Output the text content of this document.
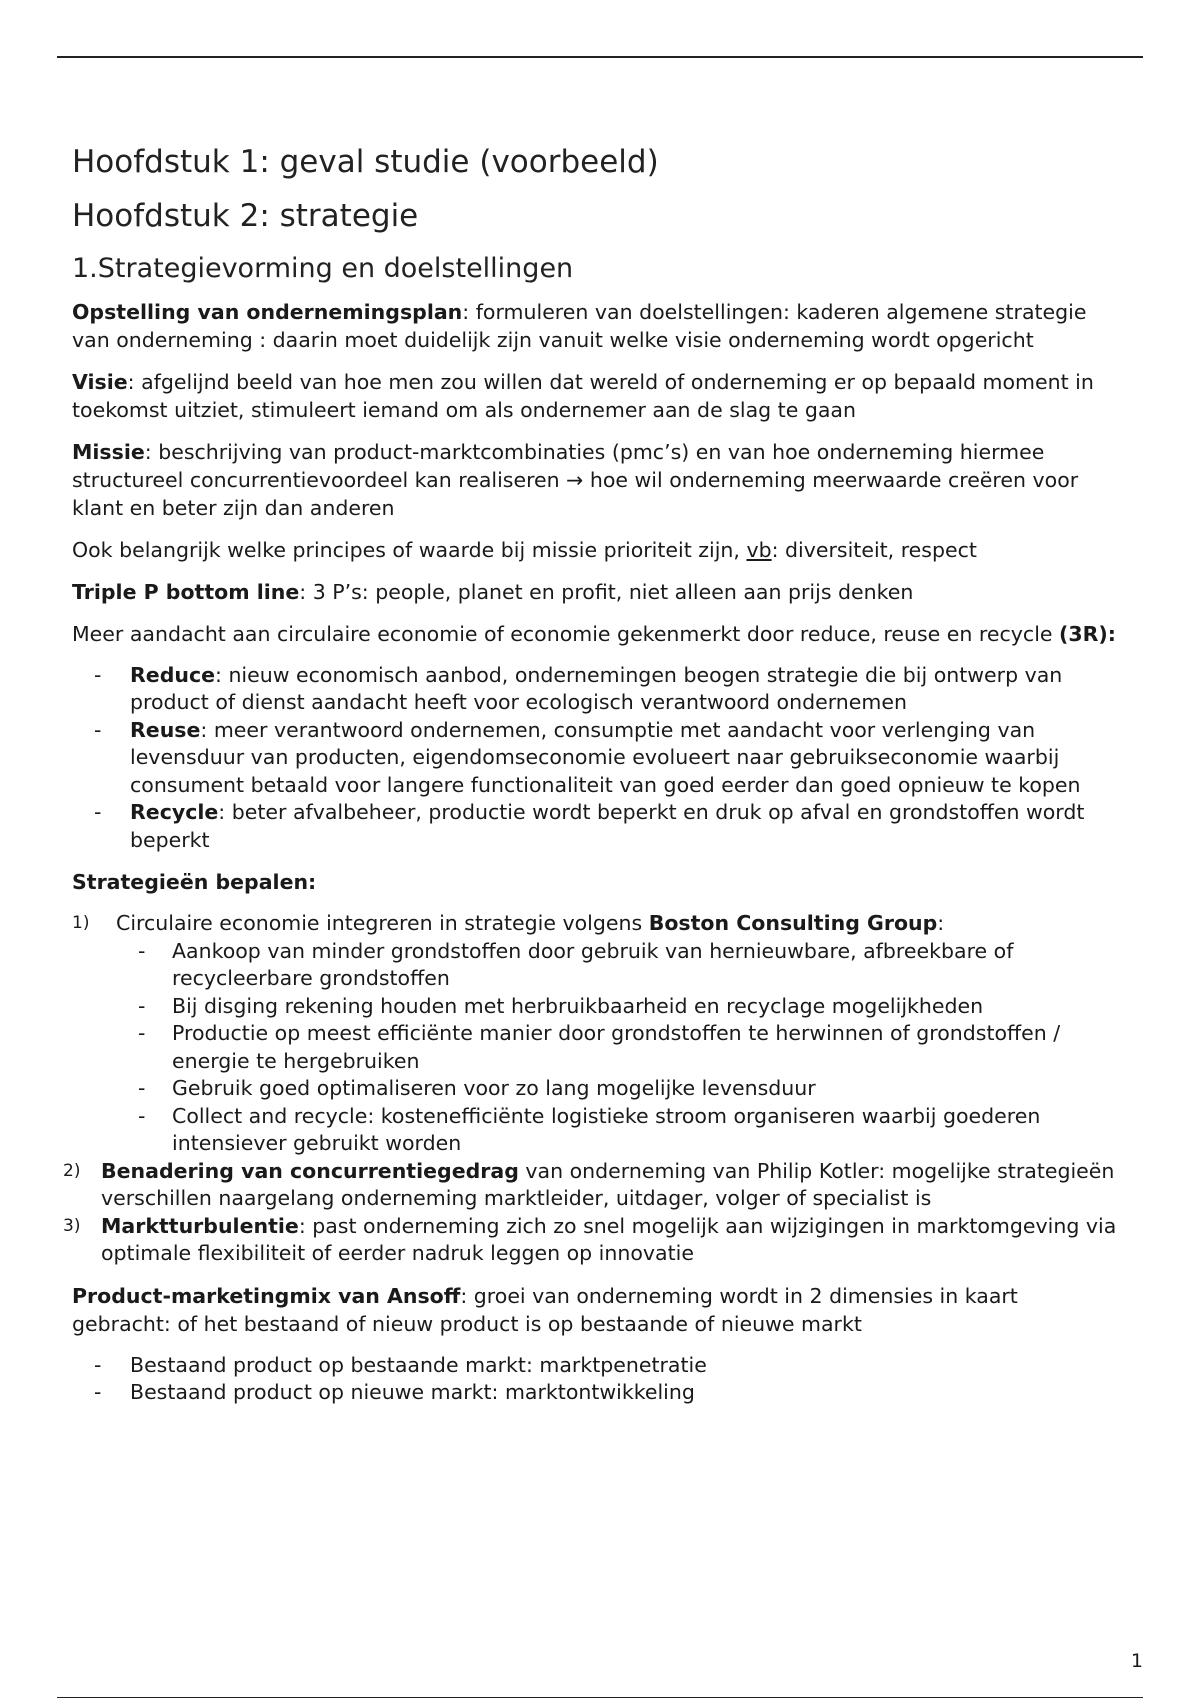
Hoofdstuk 1: geval studie (voorbeeld)
Hoofdstuk 2: strategie
1.Strategievorming en doelstellingen

Opstelling van ondernemingsplan: formuleren van doelstellingen: kaderen algemene strategie van onderneming : daarin moet duidelijk zijn vanuit welke visie onderneming wordt opgericht

Visie: afgelijnd beeld van hoe men zou willen dat wereld of onderneming er op bepaald moment in toekomst uitziet, stimuleert iemand om als ondernemer aan de slag te gaan

Missie: beschrijving van product-marktcombinaties (pmc’s) en van hoe onderneming hiermee structureel concurrentievoordeel kan realiseren → hoe wil onderneming meerwaarde creëren voor klant en beter zijn dan anderen

Ook belangrijk welke principes of waarde bij missie prioriteit zijn, vb: diversiteit, respect

Triple P bottom line: 3 P’s: people, planet en profit, niet alleen aan prijs denken

Meer aandacht aan circulaire economie of economie gekenmerkt door reduce, reuse en recycle (3R):

- Reduce: nieuw economisch aanbod, ondernemingen beogen strategie die bij ontwerp van product of dienst aandacht heeft voor ecologisch verantwoord ondernemen
- Reuse: meer verantwoord ondernemen, consumptie met aandacht voor verlenging van levensduur van producten, eigendomseconomie evolueert naar gebruikseconomie waarbij consument betaald voor langere functionaliteit van goed eerder dan goed opnieuw te kopen
- Recycle: beter afvalbeheer, productie wordt beperkt en druk op afval en grondstoffen wordt beperkt

Strategieën bepalen:

1) Circulaire economie integreren in strategie volgens Boston Consulting Group:
- Aankoop van minder grondstoffen door gebruik van hernieuwbare, afbreekbare of recycleerbare grondstoffen
- Bij disging rekening houden met herbruikbaarheid en recyclage mogelijkheden
- Productie op meest efficiënte manier door grondstoffen te herwinnen of grondstoffen / energie te hergebruiken
- Gebruik goed optimaliseren voor zo lang mogelijke levensduur
- Collect and recycle: kostenefficiënte logistieke stroom organiseren waarbij goederen intensiever gebruikt worden
2) Benadering van concurrentiegedrag van onderneming van Philip Kotler: mogelijke strategieën verschillen naargelang onderneming marktleider, uitdager, volger of specialist is
3) Marktturbulentie: past onderneming zich zo snel mogelijk aan wijzigingen in marktomgeving via optimale flexibiliteit of eerder nadruk leggen op innovatie

Product-marketingmix van Ansoff: groei van onderneming wordt in 2 dimensies in kaart gebracht: of het bestaand of nieuw product is op bestaande of nieuwe markt

- Bestaand product op bestaande markt: marktpenetratie
- Bestaand product op nieuwe markt: marktontwikkeling
1
